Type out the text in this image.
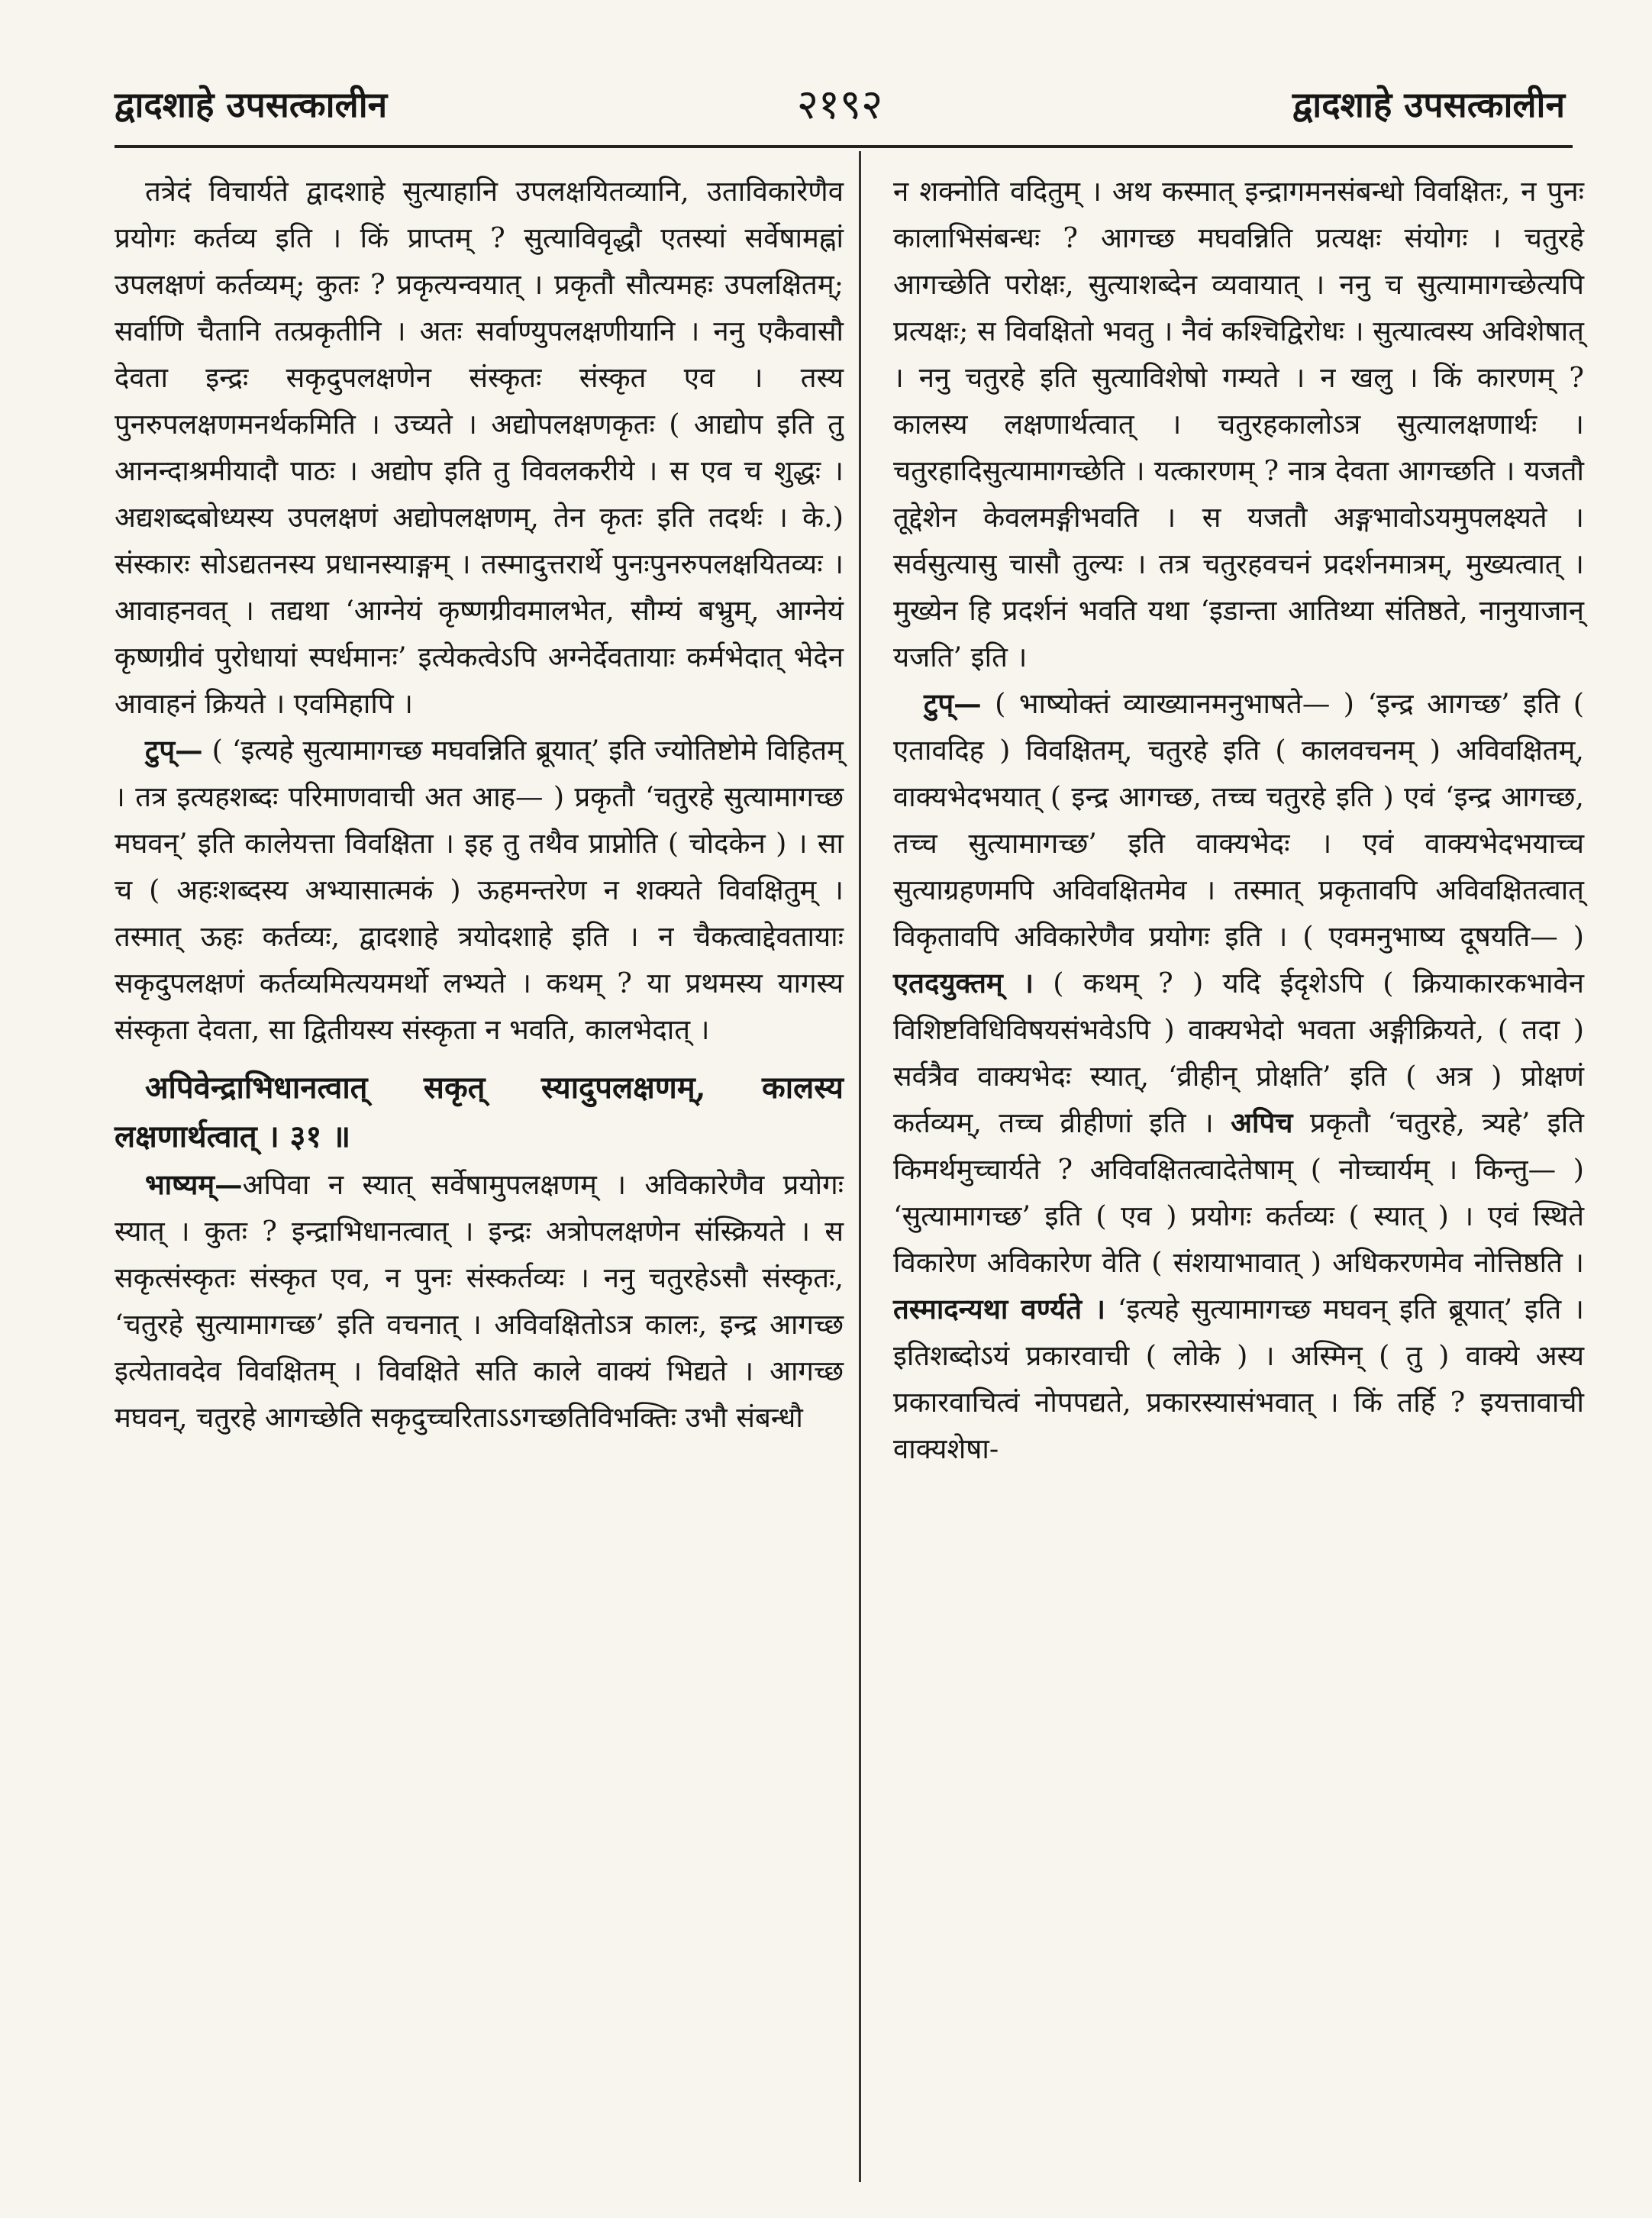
द्वादशाहे उपसत्कालीन	२१९२	द्वादशाहे उपसत्कालीन

तत्रेदं विचार्यते द्वादशाहे सुत्याहानि उपलक्षयितव्यानि, उताविकारेणैव प्रयोगः कर्तव्य इति । किं प्राप्तम् ? सुत्याविवृद्धौ एतस्यां सर्वेषामह्नां उपलक्षणं कर्तव्यम्; कुतः ? प्रकृत्यन्वयात् । प्रकृतौ सौत्यमहः उपलक्षितम्; सर्वाणि चैतानि तत्प्रकृतीनि । अतः सर्वाण्युपलक्षणीयानि । ननु एकैवासौ देवता इन्द्रः सकृदुपलक्षणेन संस्कृतः संस्कृत एव । तस्य पुनरुपलक्षणमनर्थकमिति । उच्यते । अद्योपलक्षणकृतः ( आद्योप इति तु आनन्दाश्रमीयादौ पाठः । अद्योप इति तु विवलकरीये । स एव च शुद्धः । अद्यशब्दबोध्यस्य उपलक्षणं अद्योपलक्षणम्, तेन कृतः इति तदर्थः । के.) संस्कारः सोऽद्यतनस्य प्रधानस्याङ्गम् । तस्मादुत्तरार्थे पुनःपुनरुपलक्षयितव्यः । आवाहनवत् । तद्यथा ‘आग्नेयं कृष्णग्रीवमालभेत, सौम्यं बभ्रुम्, आग्नेयं कृष्णग्रीवं पुरोधायां स्पर्धमानः’ इत्येकत्वेऽपि अग्नेर्देवतायाः कर्मभेदात् भेदेन आवाहनं क्रियते । एवमिहापि ।

टुप्— ( ‘इत्यहे सुत्यामागच्छ मघवन्निति ब्रूयात्’ इति ज्योतिष्टोमे विहितम् । तत्र इत्यहशब्दः परिमाणवाची अत आह— ) प्रकृतौ ‘चतुरहे सुत्यामागच्छ मघवन्’ इति कालेयत्ता विवक्षिता । इह तु तथैव प्राप्नोति ( चोदकेन ) । सा च ( अहःशब्दस्य अभ्यासात्मकं ) ऊहमन्तरेण न शक्यते विवक्षितुम् । तस्मात् ऊहः कर्तव्यः, द्वादशाहे त्रयोदशाहे इति । न चैकत्वाद्देवतायाः सकृदुपलक्षणं कर्तव्यमित्ययमर्थो लभ्यते । कथम् ? या प्रथमस्य यागस्य संस्कृता देवता, सा द्वितीयस्य संस्कृता न भवति, कालभेदात् ।

अपिवेन्द्राभिधानत्वात् सकृत् स्यादुपलक्षणम्, कालस्य लक्षणार्थत्वात् । ३१ ॥

भाष्यम्—अपिवा न स्यात् सर्वेषामुपलक्षणम् । अविकारेणैव प्रयोगः स्यात् । कुतः ? इन्द्राभिधानत्वात् । इन्द्रः अत्रोपलक्षणेन संस्क्रियते । स सकृत्संस्कृतः संस्कृत एव, न पुनः संस्कर्तव्यः । ननु चतुरहेऽसौ संस्कृतः, ‘चतुरहे सुत्यामागच्छ’ इति वचनात् । अविवक्षितोऽत्र कालः, इन्द्र आगच्छ इत्येतावदेव विवक्षितम् । विवक्षिते सति काले वाक्यं भिद्यते । आगच्छ मघवन्, चतुरहे आगच्छेति सकृदुच्चरिताऽऽगच्छतिविभक्तिः उभौ संबन्धौ

न शक्नोति वदितुम् । अथ कस्मात् इन्द्रागमनसंबन्धो विवक्षितः, न पुनः कालाभिसंबन्धः ? आगच्छ मघवन्निति प्रत्यक्षः संयोगः । चतुरहे आगच्छेति परोक्षः, सुत्याशब्देन व्यवायात् । ननु च सुत्यामागच्छेत्यपि प्रत्यक्षः; स विवक्षितो भवतु । नैवं कश्चिद्विरोधः । सुत्यात्वस्य अविशेषात् । ननु चतुरहे इति सुत्याविशेषो गम्यते । न खलु । किं कारणम् ? कालस्य लक्षणार्थत्वात् । चतुरहकालोऽत्र सुत्यालक्षणार्थः । चतुरहादिसुत्यामागच्छेति । यत्कारणम् ? नात्र देवता आगच्छति । यजतौ तूद्देशेन केवलमङ्गीभवति । स यजतौ अङ्गभावोऽयमुपलक्ष्यते । सर्वसुत्यासु चासौ तुल्यः । तत्र चतुरहवचनं प्रदर्शनमात्रम्, मुख्यत्वात् । मुख्येन हि प्रदर्शनं भवति यथा ‘इडान्ता आतिथ्या संतिष्ठते, नानुयाजान् यजति’ इति ।

टुप्— ( भाष्योक्तं व्याख्यानमनुभाषते— ) ‘इन्द्र आगच्छ’ इति ( एतावदिह ) विवक्षितम्, चतुरहे इति ( कालवचनम् ) अविवक्षितम्, वाक्यभेदभयात् ( इन्द्र आगच्छ, तच्च चतुरहे इति ) एवं ‘इन्द्र आगच्छ, तच्च सुत्यामागच्छ’ इति वाक्यभेदः । एवं वाक्यभेदभयाच्च सुत्याग्रहणमपि अविवक्षितमेव । तस्मात् प्रकृतावपि अविवक्षितत्वात् विकृतावपि अविकारेणैव प्रयोगः इति । ( एवमनुभाष्य दूषयति— ) एतदयुक्तम् । ( कथम् ? ) यदि ईदृशेऽपि ( क्रियाकारकभावेन विशिष्टविधिविषयसंभवेऽपि ) वाक्यभेदो भवता अङ्गीक्रियते, ( तदा ) सर्वत्रैव वाक्यभेदः स्यात्, ‘व्रीहीन् प्रोक्षति’ इति ( अत्र ) प्रोक्षणं कर्तव्यम्, तच्च व्रीहीणां इति । अपिच प्रकृतौ ‘चतुरहे, त्र्यहे’ इति किमर्थमुच्चार्यते ? अविवक्षितत्वादेतेषाम् ( नोच्चार्यम् । किन्तु— ) ‘सुत्यामागच्छ’ इति ( एव ) प्रयोगः कर्तव्यः ( स्यात् ) । एवं स्थिते विकारेण अविकारेण वेति ( संशयाभावात् ) अधिकरणमेव नोत्तिष्ठति । तस्मादन्यथा वर्ण्यते । ‘इत्यहे सुत्यामागच्छ मघवन् इति ब्रूयात्’ इति । इतिशब्दोऽयं प्रकारवाची ( लोके ) । अस्मिन् ( तु ) वाक्ये अस्य प्रकारवाचित्वं नोपपद्यते, प्रकारस्यासंभवात् । किं तर्हि ? इयत्तावाची वाक्यशेषा-
